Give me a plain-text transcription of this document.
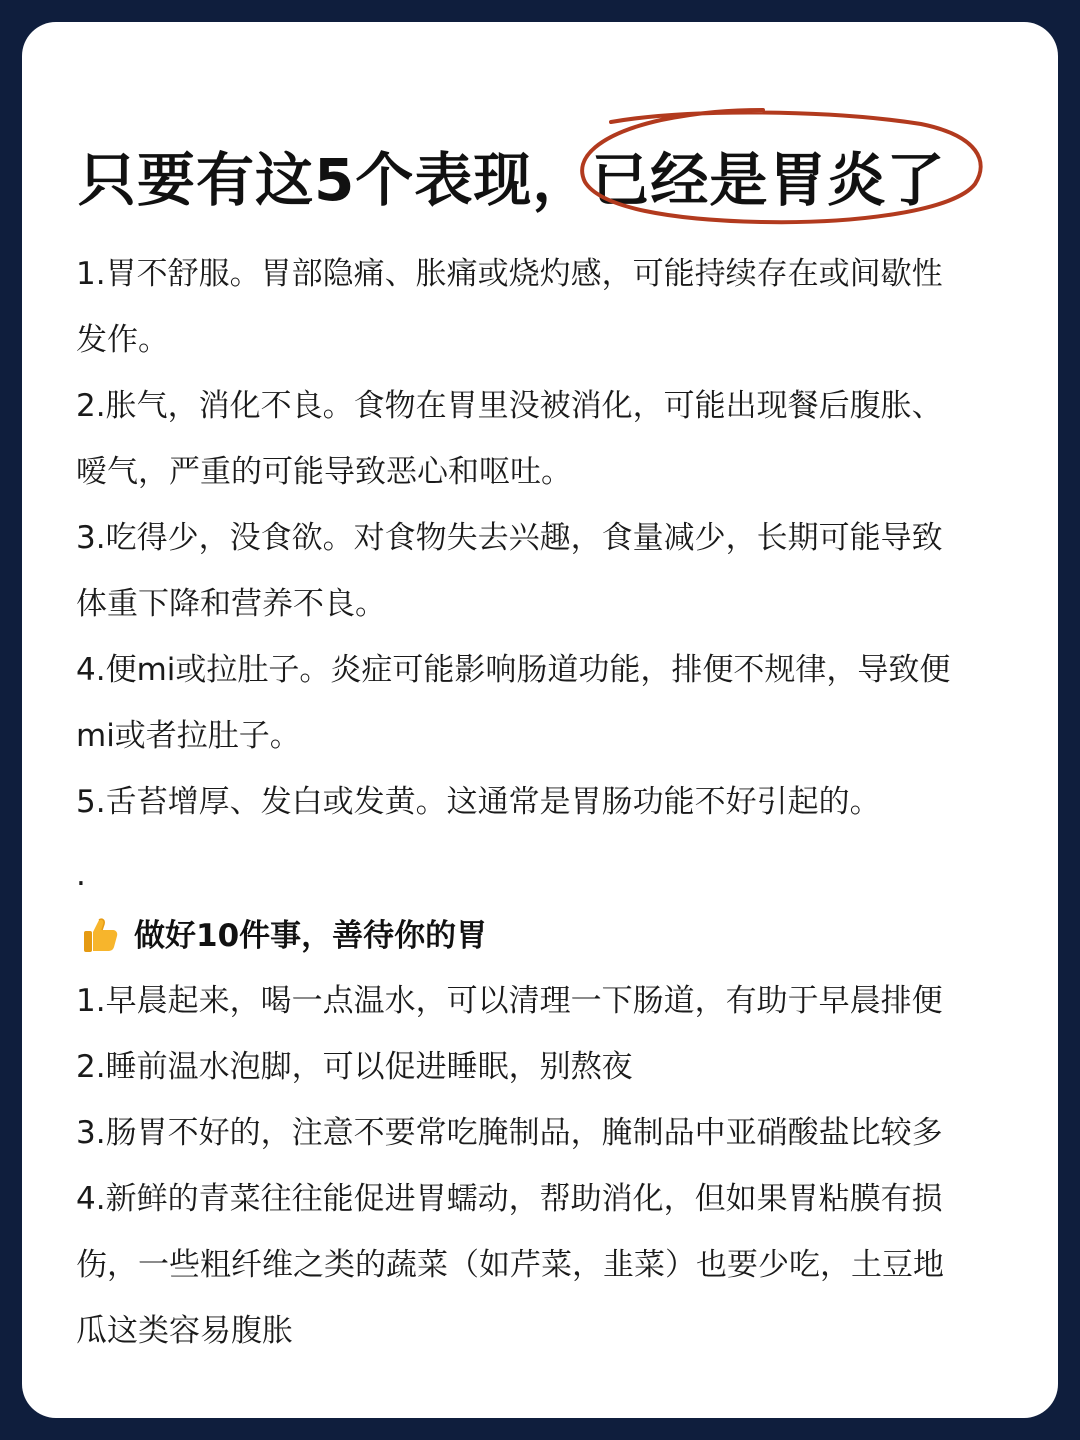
只要有这5个表现，已经是胃炎了

1.胃不舒服。胃部隐痛、胀痛或烧灼感，可能持续存在或间歇性

发作。

2.胀气，消化不良。食物在胃里没被消化，可能出现餐后腹胀、

嗳气，严重的可能导致恶心和呕吐。

3.吃得少，没食欲。对食物失去兴趣，食量减少，长期可能导致

体重下降和营养不良。

4.便mi或拉肚子。炎症可能影响肠道功能，排便不规律，导致便

mi或者拉肚子。

5.舌苔增厚、发白或发黄。这通常是胃肠功能不好引起的。

.
做好10件事，善待你的胃

1.早晨起来，喝一点温水，可以清理一下肠道，有助于早晨排便

2.睡前温水泡脚，可以促进睡眠，别熬夜

3.肠胃不好的，注意不要常吃腌制品，腌制品中亚硝酸盐比较多

4.新鲜的青菜往往能促进胃蠕动，帮助消化，但如果胃粘膜有损

伤，一些粗纤维之类的蔬菜（如芹菜，韭菜）也要少吃，土豆地

瓜这类容易腹胀
